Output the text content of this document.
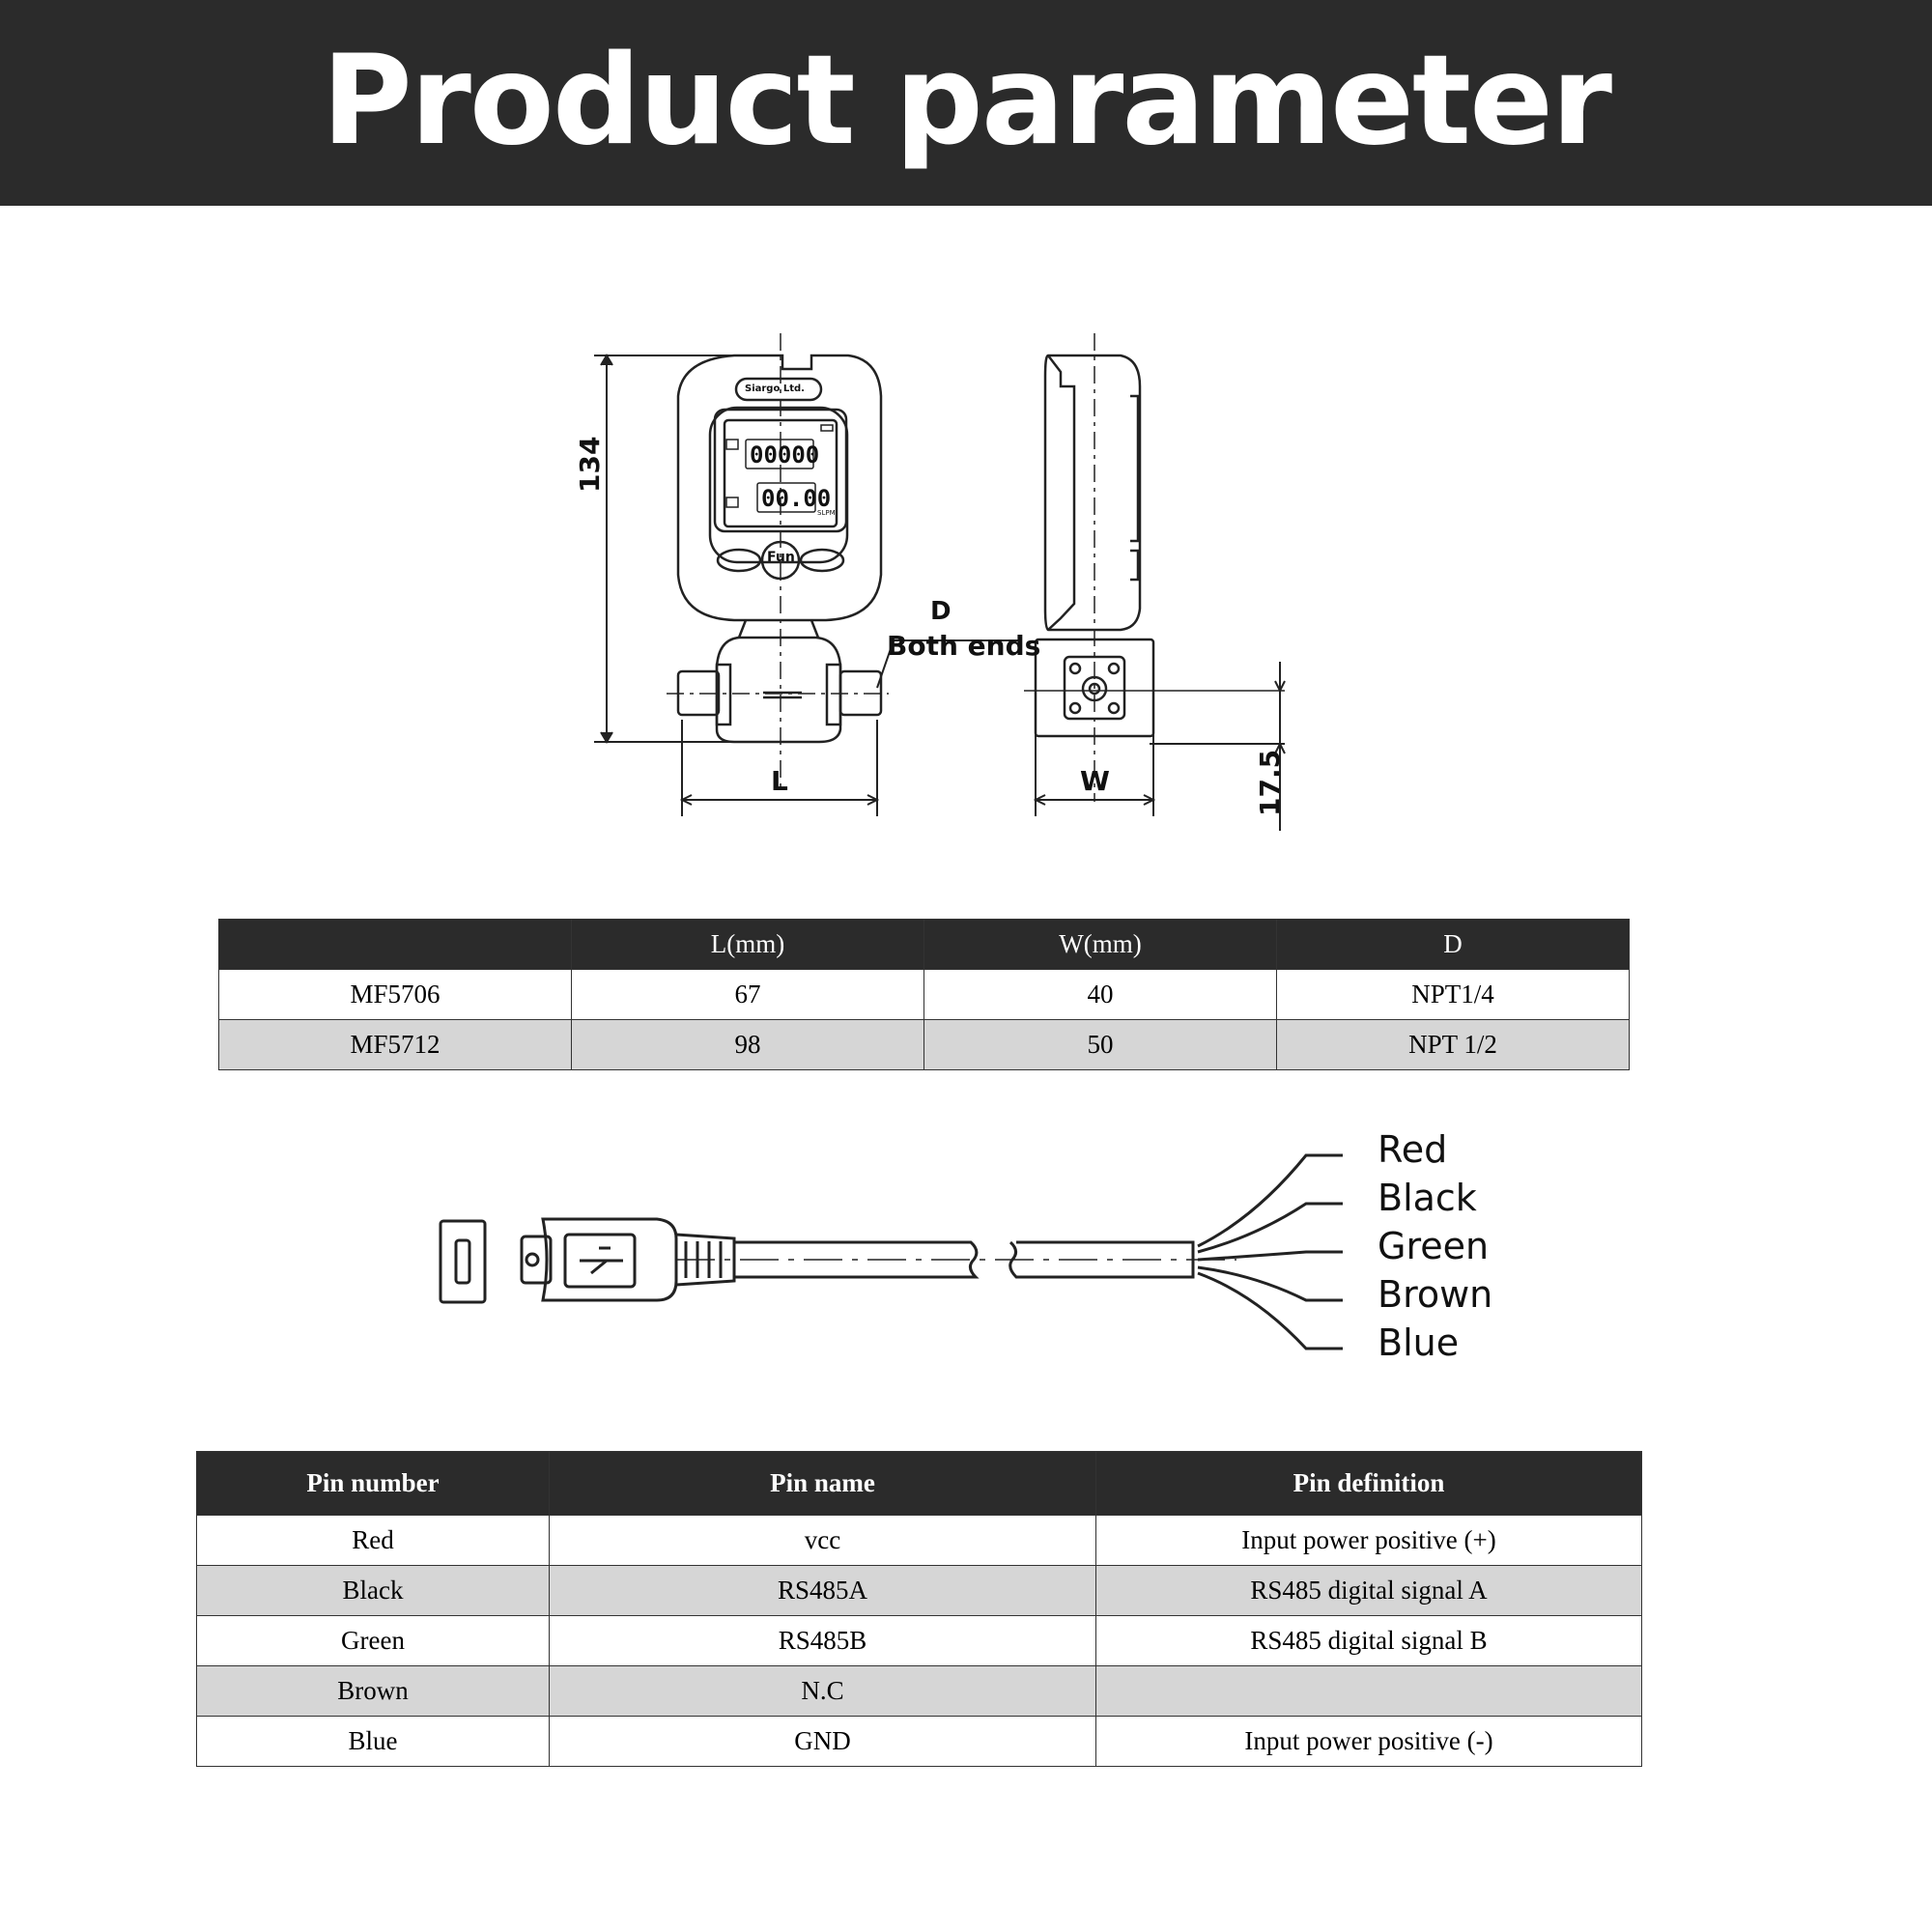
Product parameter
134
L	W	17.5
D
Both ends
Siargo Ltd.
Fun
00000
00.00
SLPM
	L(mm)	W(mm)	D
MF5706	67	40	NPT1/4
MF5712	98	50	NPT 1/2
Red
Black
Green
Brown
Blue
Pin number	Pin name	Pin definition
Red	vcc	Input power positive (+)
Black	RS485A	RS485 digital signal A
Green	RS485B	RS485 digital signal B
Brown	N.C	
Blue	GND	Input power positive (-)
